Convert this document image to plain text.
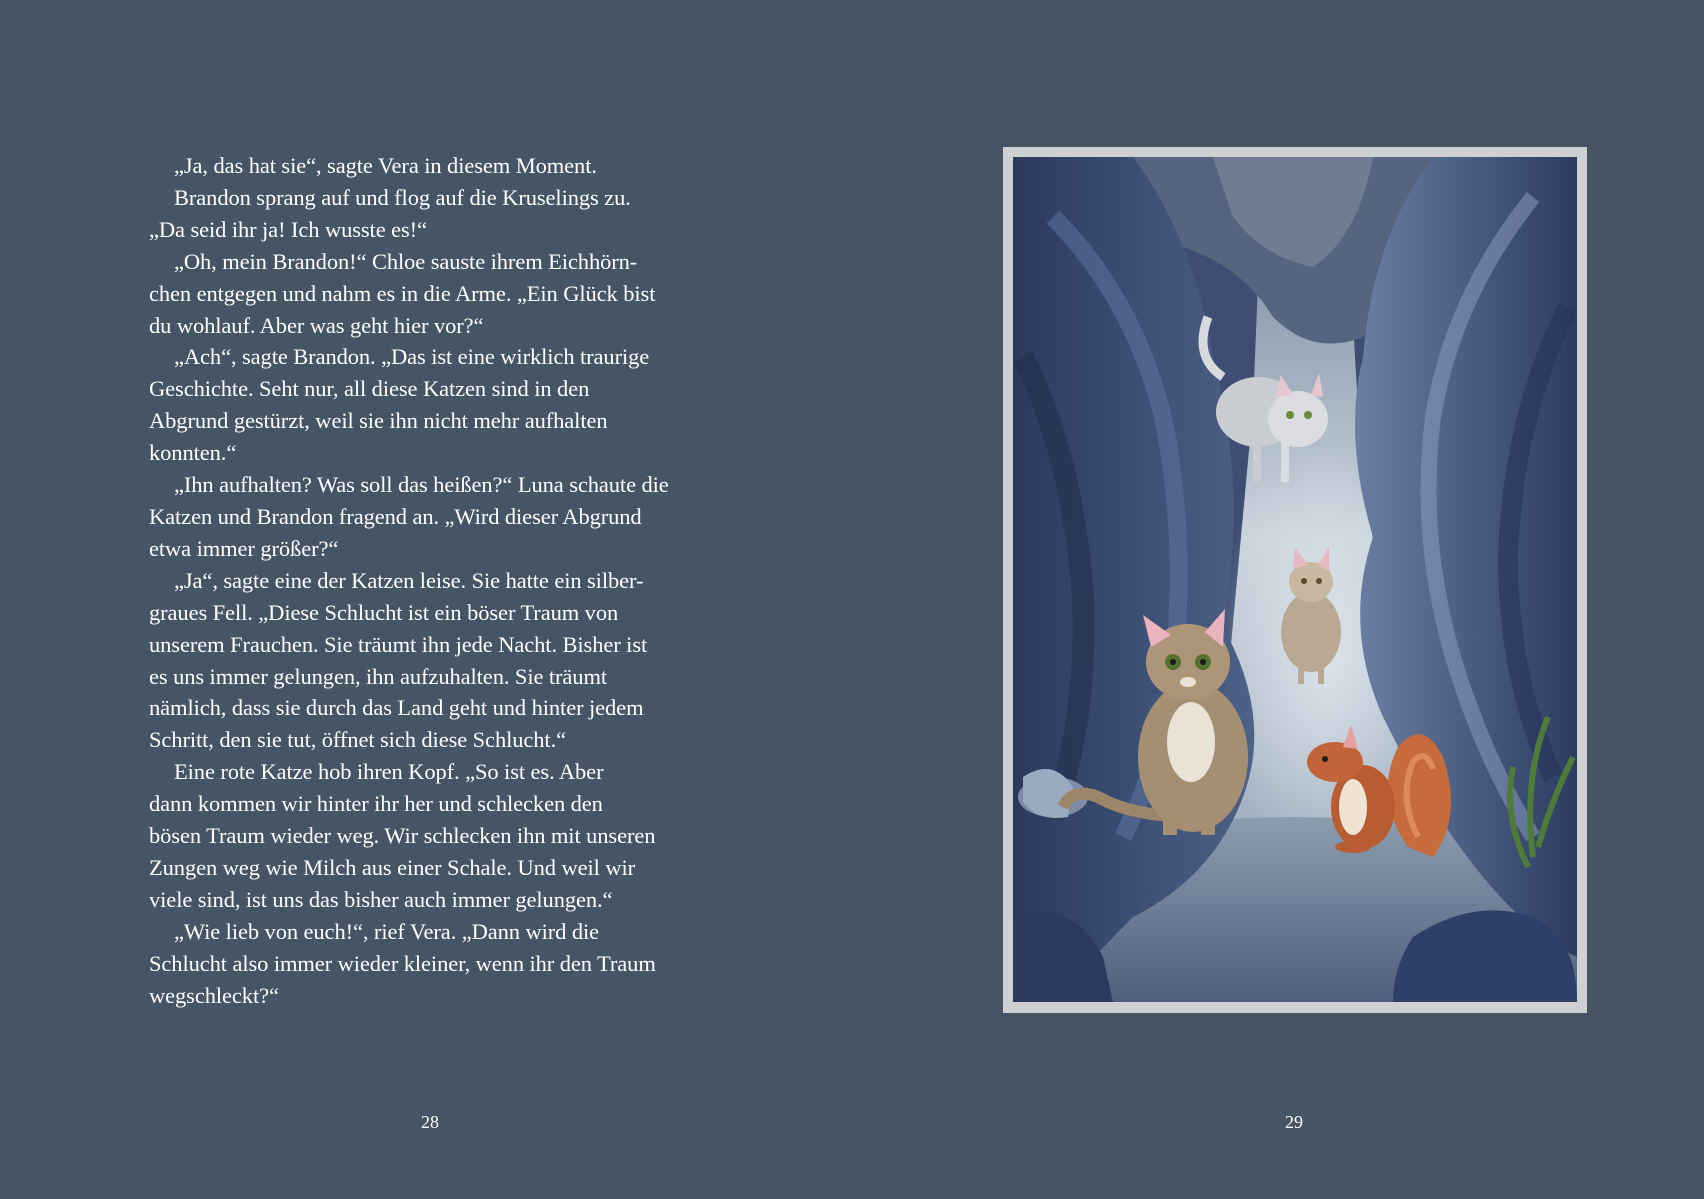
„Ja, das hat sie“, sagte Vera in diesem Moment.
Brandon sprang auf und flog auf die Kruselings zu.
„Da seid ihr ja! Ich wusste es!“
„Oh, mein Brandon!“ Chloe sauste ihrem Eichhörn-
chen entgegen und nahm es in die Arme. „Ein Glück bist
du wohlauf. Aber was geht hier vor?“
„Ach“, sagte Brandon. „Das ist eine wirklich traurige
Geschichte. Seht nur, all diese Katzen sind in den
Abgrund gestürzt, weil sie ihn nicht mehr aufhalten
konnten.“
„Ihn aufhalten? Was soll das heißen?“ Luna schaute die
Katzen und Brandon fragend an. „Wird dieser Abgrund
etwa immer größer?“
„Ja“, sagte eine der Katzen leise. Sie hatte ein silber-
graues Fell. „Diese Schlucht ist ein böser Traum von
unserem Frauchen. Sie träumt ihn jede Nacht. Bisher ist
es uns immer gelungen, ihn aufzuhalten. Sie träumt
nämlich, dass sie durch das Land geht und hinter jedem
Schritt, den sie tut, öffnet sich diese Schlucht.“
Eine rote Katze hob ihren Kopf. „So ist es. Aber
dann kommen wir hinter ihr her und schlecken den
bösen Traum wieder weg. Wir schlecken ihn mit unseren
Zungen weg wie Milch aus einer Schale. Und weil wir
viele sind, ist uns das bisher auch immer gelungen.“
„Wie lieb von euch!“, rief Vera. „Dann wird die
Schlucht also immer wieder kleiner, wenn ihr den Traum
wegschleckt?“
28	29
